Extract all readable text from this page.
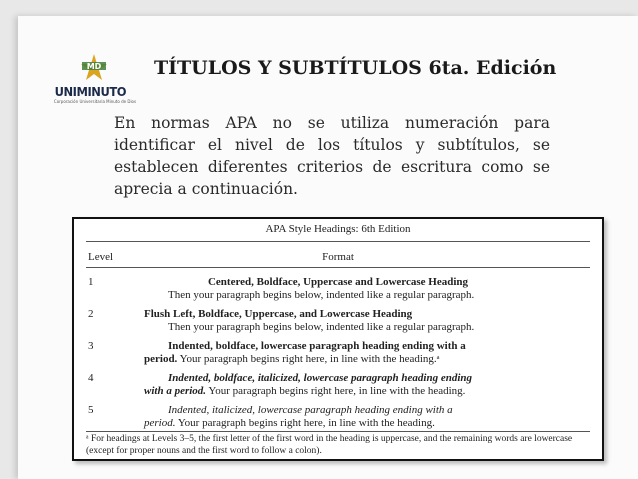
MD
UNIMINUTO
Corporación Universitaria Minuto de Dios
TÍTULOS Y SUBTÍTULOS 6ta. Edición
En normas APA no se utiliza numeración para identificar el nivel de los títulos y subtítulos, se establecen diferentes criterios de escritura como se aprecia a continuación.
APA Style Headings: 6th Edition
Level	Format
1	Centered, Boldface, Uppercase and Lowercase Heading
Then your paragraph begins below, indented like a regular paragraph.
2	Flush Left, Boldface, Uppercase, and Lowercase Heading
Then your paragraph begins below, indented like a regular paragraph.
3	Indented, boldface, lowercase paragraph heading ending with a
period. Your paragraph begins right here, in line with the heading.ᵃ
4	Indented, boldface, italicized, lowercase paragraph heading ending
with a period. Your paragraph begins right here, in line with the heading.
5	Indented, italicized, lowercase paragraph heading ending with a
period. Your paragraph begins right here, in line with the heading.
ᵃ For headings at Levels 3–5, the first letter of the first word in the heading is uppercase, and the remaining words are lowercase (except for proper nouns and the first word to follow a colon).
